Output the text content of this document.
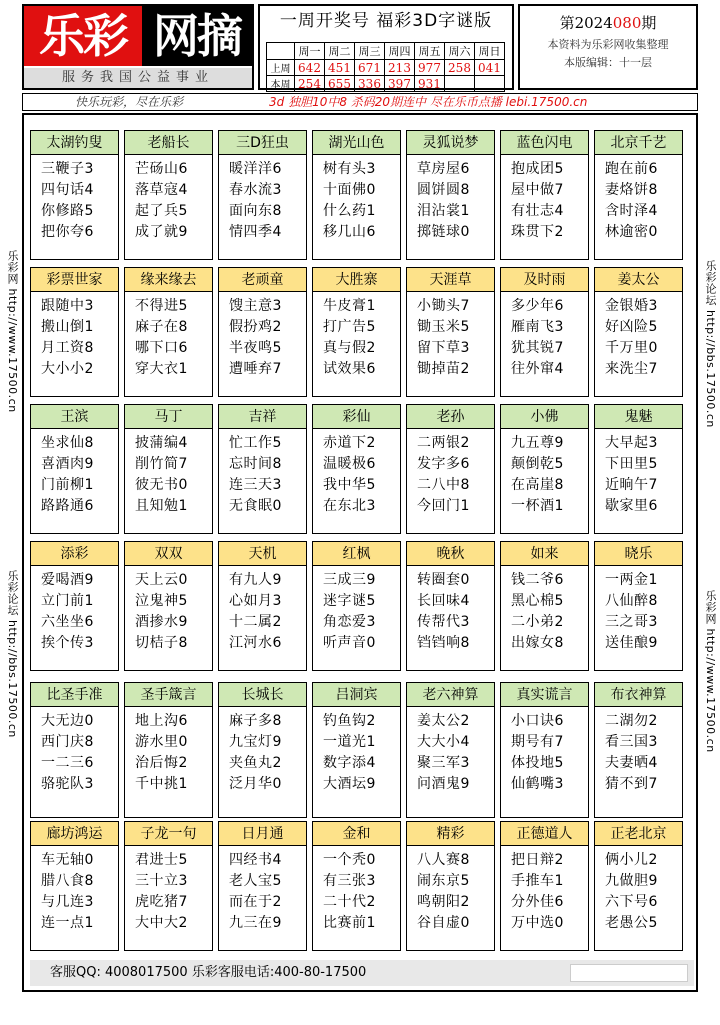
乐彩 网摘
服务我国公益事业
一周开奖号 福彩3D字谜版
	周一	周二	周三	周四	周五	周六	周日
上周	642	451	671	213	977	258	041
本周	254	655	336	397	931		
第2024080期
本资料为乐彩网收集整理
本版编辑：十一层
快乐玩彩，尽在乐彩	3d 独胆10中8 杀码20期连中 尽在乐币点播 lebi.17500.cn
乐彩网 http://www.17500.cn
乐彩论坛 http://bbs.17500.cn
乐彩论坛 http://bbs.17500.cn
乐彩网 http://www.17500.cn
太湖钓叟
三鞭子3
四句话4
你修路5
把你夸6
老船长
芒砀山6
落草寇4
起了兵5
成了就9
三D狂虫
暖洋洋6
春水流3
面向东8
情四季4
湖光山色
树有头3
十面佛0
什么药1
移几山6
灵狐说梦
草房屋6
圆饼圆8
泪沾裳1
掷链球0
蓝色闪电
抱成团5
屋中做7
有壮志4
珠贯下2
北京千艺
跑在前6
妻烙饼8
含时泽4
林逾密0
彩票世家
跟随中3
搬山倒1
月工资8
大小小2
缘来缘去
不得进5
麻子在8
哪下口6
穿大衣1
老顽童
馊主意3
假扮鸡2
半夜鸣5
遭唾弃7
大胜寨
牛皮膏1
打广告5
真与假2
试效果6
天涯草
小锄头7
锄玉米5
留下草3
锄掉苗2
及时雨
多少年6
雁南飞3
犹其锐7
往外窜4
姜太公
金银婚3
好凶险5
千万里0
来洗尘7
王滨
坐求仙8
喜酒肉9
门前柳1
路路通6
马丁
披蒲编4
削竹简7
彼无书0
且知勉1
吉祥
忙工作5
忘时间8
连三天3
无食眠0
彩仙
赤道下2
温暖极6
我中华5
在东北3
老孙
二两银2
发字多6
二八中8
今回门1
小佛
九五尊9
颠倒乾5
在高崖8
一杯酒1
鬼魅
大早起3
下田里5
近晌午7
歇家里6
添彩
爱喝酒9
立门前1
六坐坐6
挨个传3
双双
天上云0
泣鬼神5
酒掺水9
切桔子8
天机
有九人9
心如月3
十二属2
江河水6
红枫
三成三9
迷字谜5
角恋爱3
听声音0
晚秋
转圈套0
长回味4
传帮代3
铛铛响8
如来
钱二爷6
黑心棉5
二小弟2
出嫁女8
晓乐
一两金1
八仙醉8
三之哥3
送佳酿9
比圣手准
大无边0
西门庆8
一二三6
骆驼队3
圣手箴言
地上沟6
游水里0
治后悔2
千中挑1
长城长
麻子多8
九宝灯9
夹鱼丸2
泛月华0
吕洞宾
钓鱼钩2
一道光1
数字添4
大酒坛9
老六神算
姜太公2
大大小4
聚三军3
问酒鬼9
真实谎言
小口诀6
期号有7
体投地5
仙鹤嘴3
布衣神算
二湖勿2
看三国3
夫妻晒4
猜不到7
廊坊鸿运
车无轴0
腊八食8
与几连3
连一点1
子龙一句
君进士5
三十立3
虎吃猪7
大中大2
日月通
四经书4
老人宝5
而在于2
九三在9
金和
一个秃0
有三张3
二十代2
比赛前1
精彩
八人赛8
闹东京5
鸣朝阳2
谷自虚0
正德道人
把日辩2
手推车1
分外佳6
万中选0
正老北京
俩小儿2
九做胆9
六下号6
老愚公5
客服QQ: 4008017500 乐彩客服电话:400-80-17500
